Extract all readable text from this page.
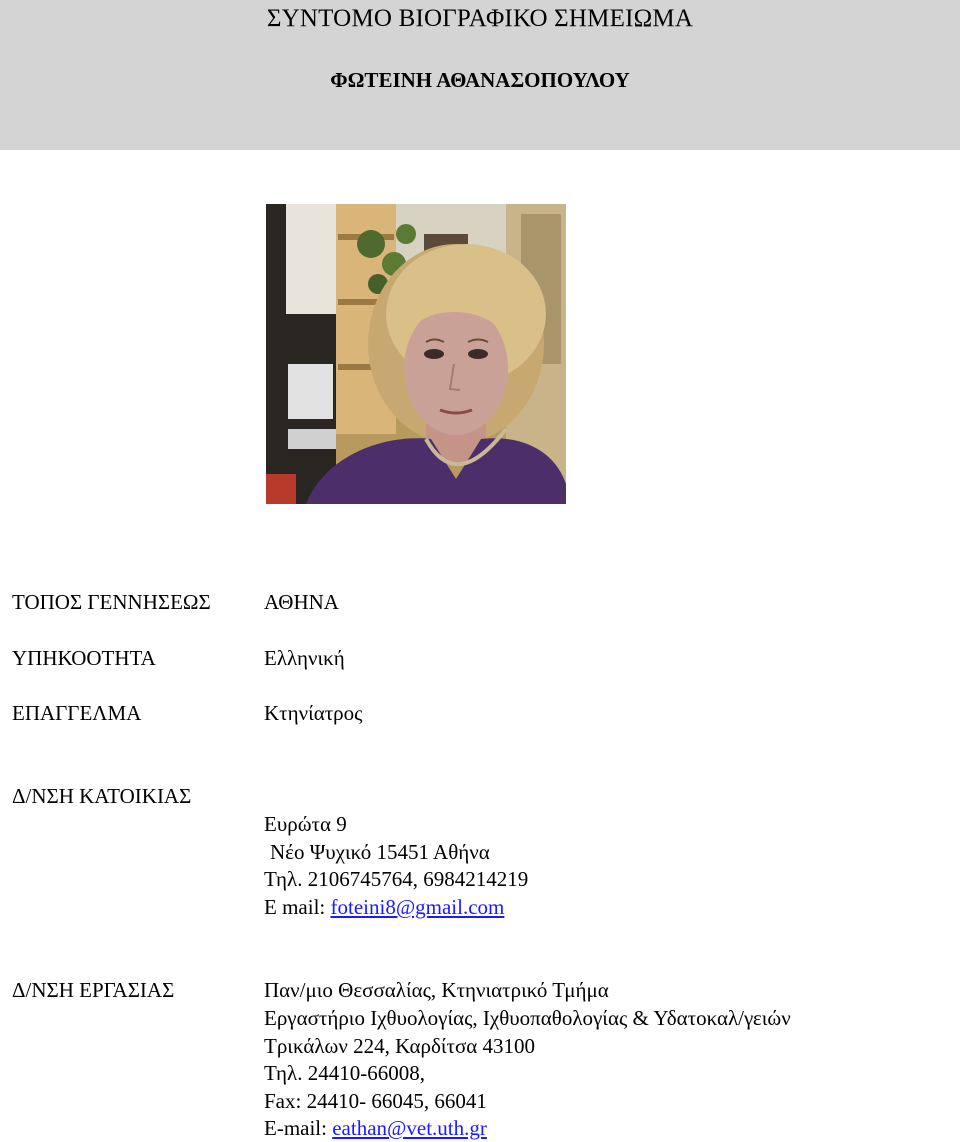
ΣΥΝΤΟΜΟ ΒΙΟΓΡΑΦΙΚΟ ΣΗΜΕΙΩΜΑ
ΦΩΤΕΙΝΗ ΑΘΑΝΑΣΟΠΟΥΛΟΥ
ΤΟΠΟΣ ΓΕΝΝΗΣΕΩΣ	ΑΘΗΝΑ
ΥΠΗΚΟΟΤΗΤΑ	Ελληνική
ΕΠΑΓΓΕΛΜΑ	Κτηνίατρος
Δ/ΝΣΗ ΚΑΤΟΙΚΙΑΣ
Ευρώτα 9
Νέο Ψυχικό 15451 Αθήνα
Τηλ. 2106745764, 6984214219
E mail: foteini8@gmail.com
Δ/ΝΣΗ ΕΡΓΑΣΙΑΣ	Παν/μιο Θεσσαλίας, Κτηνιατρικό Τμήμα
Εργαστήριο Ιχθυολογίας, Ιχθυοπαθολογίας & Υδατοκαλ/γειών
Τρικάλων 224, Καρδίτσα 43100
Τηλ. 24410-66008,
Fax: 24410- 66045, 66041
E-mail: eathan@vet.uth.gr
